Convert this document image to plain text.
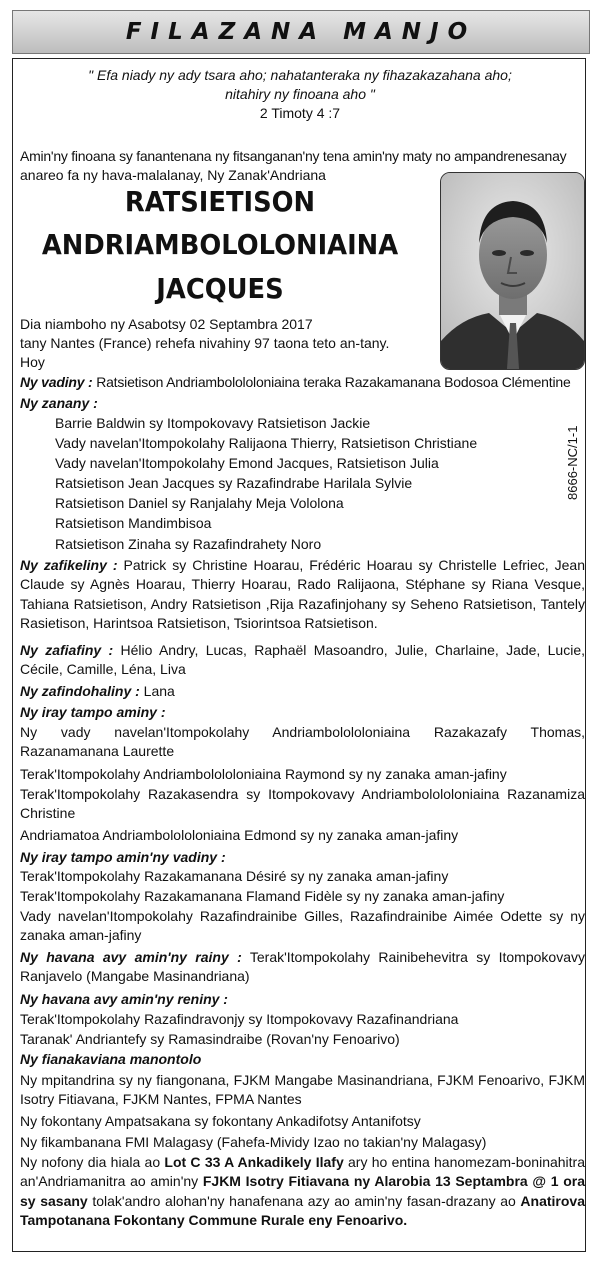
FILAZANA MANJO
" Efa niady ny ady tsara aho; nahatanteraka ny fihazakazahana aho;
nitahiry ny finoana aho "
2 Timoty 4 :7
Amin'ny finoana sy fanantenana ny fitsanganan'ny tena amin'ny maty no ampandrenesanay
anareo fa ny hava-malalanay, Ny Zanak'Andriana
RATSIETISON
ANDRIAMBOLOLONIAINA
JACQUES
Dia niamboho ny Asabotsy 02 Septambra 2017
tany Nantes (France) rehefa nivahiny 97 taona teto an-tany.
Hoy
8666-NC/1-1
Ny vadiny : Ratsietison Andriambolololoniaina teraka Razakamanana Bodosoa Clémentine
Ny zanany :
Barrie Baldwin sy Itompokovavy Ratsietison Jackie
Vady navelan'Itompokolahy Ralijaona Thierry, Ratsietison Christiane
Vady navelan'Itompokolahy Emond Jacques, Ratsietison Julia
Ratsietison Jean Jacques sy Razafindrabe Harilala Sylvie
Ratsietison Daniel sy Ranjalahy Meja Vololona
Ratsietison Mandimbisoa
Ratsietison Zinaha sy Razafindrahety Noro
Ny zafikeliny : Patrick sy Christine Hoarau, Frédéric Hoarau sy Christelle Lefriec, Jean Claude sy Agnès Hoarau, Thierry Hoarau, Rado Ralijaona, Stéphane sy Riana Vesque, Tahiana Ratsietison, Andry Ratsietison ,Rija Razafinjohany sy Seheno Ratsietison, Tantely Rasietison, Harintsoa Ratsietison, Tsiorintsoa Ratsietison.
Ny zafiafiny : Hélio Andry, Lucas, Raphaël Masoandro, Julie, Charlaine, Jade, Lucie, Cécile, Camille, Léna, Liva
Ny zafindohaliny : Lana
Ny iray tampo aminy :
Ny vady navelan'Itompokolahy Andriambolololoniaina Razakazafy Thomas, Razanamanana Laurette
Terak'Itompokolahy Andriambolololoniaina Raymond sy ny zanaka aman-jafiny
Terak'Itompokolahy Razakasendra sy Itompokovavy Andriambolololoniaina Razanamiza Christine
Andriamatoa Andriambolololoniaina Edmond sy ny zanaka aman-jafiny
Ny iray tampo amin'ny vadiny :
Terak'Itompokolahy Razakamanana Désiré sy ny zanaka aman-jafiny
Terak'Itompokolahy Razakamanana Flamand Fidèle sy ny zanaka aman-jafiny
Vady navelan'Itompokolahy Razafindrainibe Gilles, Razafindrainibe Aimée Odette sy ny zanaka aman-jafiny
Ny havana avy amin'ny rainy : Terak'Itompokolahy Rainibehevitra sy Itompokovavy Ranjavelo (Mangabe Masinandriana)
Ny havana avy amin'ny reniny :
Terak'Itompokolahy Razafindravonjy sy Itompokovavy Razafinandriana
Taranak' Andriantefy sy Ramasindraibe (Rovan'ny Fenoarivo)
Ny fianakaviana manontolo
Ny mpitandrina sy ny fiangonana, FJKM Mangabe Masinandriana, FJKM Fenoarivo, FJKM Isotry Fitiavana, FJKM Nantes, FPMA Nantes
Ny fokontany Ampatsakana sy fokontany Ankadifotsy Antanifotsy
Ny fikambanana FMI Malagasy (Fahefa-Mividy Izao no takian'ny Malagasy)
Ny nofony dia hiala ao Lot C 33 A Ankadikely Ilafy ary ho entina hanomezam-boninahitra an'Andriamanitra ao amin'ny FJKM Isotry Fitiavana ny Alarobia 13 Septambra @ 1 ora sy sasany tolak'andro alohan'ny hanafenana azy ao amin'ny fasan-drazany ao Anatirova Tampotanana Fokontany Commune Rurale eny Fenoarivo.
